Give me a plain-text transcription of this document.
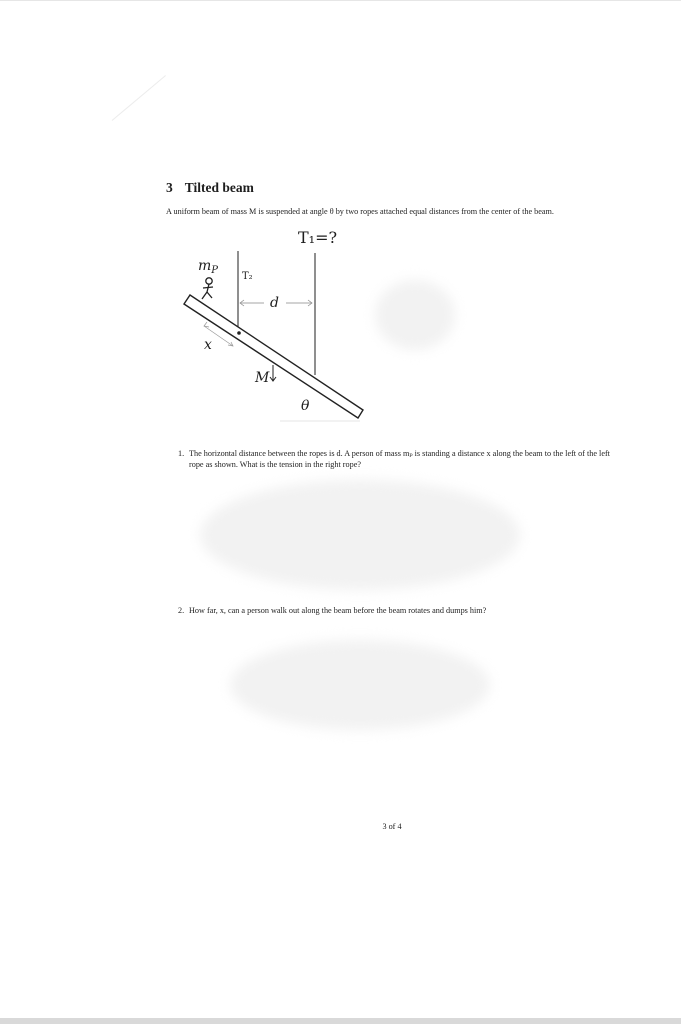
3 Tilted beam
A uniform beam of mass M is suspended at angle θ by two ropes attached equal distances from the center of the beam.
T₁=?
T₂
$m_P$
d
x
M
θ
1. The horizontal distance between the ropes is d. A person of mass mₚ is standing a distance x along the beam to the left of the left rope as shown. What is the tension in the right rope?
2. How far, x, can a person walk out along the beam before the beam rotates and dumps him?
3 of 4
